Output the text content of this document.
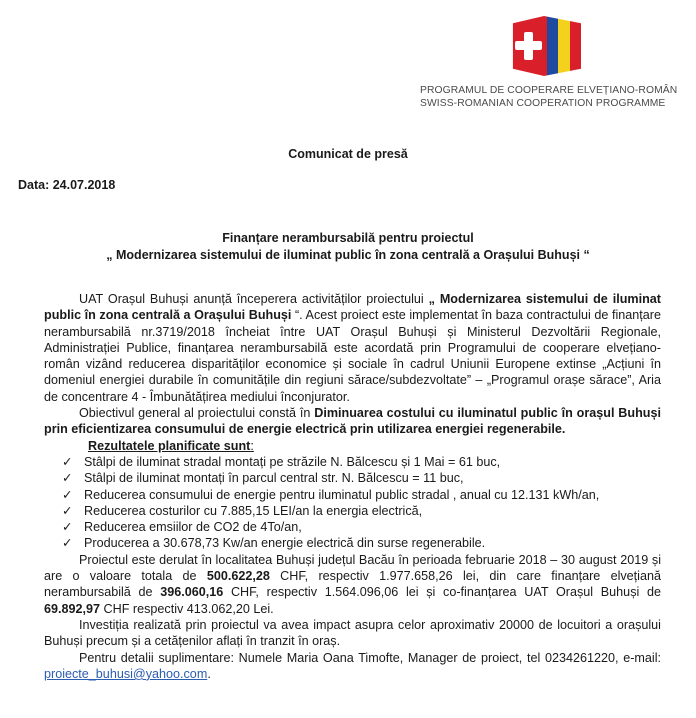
PROGRAMUL DE COOPERARE ELVEȚIANO-ROMÂN
SWISS-ROMANIAN COOPERATION PROGRAMME
Comunicat de presă
Data: 24.07.2018
Finanțare nerambursabilă pentru proiectul
„ Modernizarea sistemului de iluminat public în zona centrală a Orașului Buhuși “

UAT Orașul Buhuși anunță începerera activităților proiectului „ Modernizarea sistemului de iluminat public în zona centrală a Orașului Buhuși “. Acest proiect este implementat în baza contractului de finanțare nerambursabilă nr.3719/2018 încheiat între UAT Orașul Buhuși și Ministerul Dezvoltării Regionale, Administrației Publice, finanțarea nerambursabilă este acordată prin Programului de cooperare elvețiano-român vizând reducerea disparităților economice și sociale în cadrul Uniunii Europene extinse „Acțiuni în domeniul energiei durabile în comunitățile din regiuni sărace/subdezvoltate” – „Programul orașe sărace”, Aria de concentrare 4 - Îmbunătățirea mediului înconjurator.

Obiectivul general al proiectului constă în Diminuarea costului cu iluminatul public în orașul Buhuși prin eficientizarea consumului de energie electrică prin utilizarea energiei regenerabile.

Rezultatele planificate sunt:
✓ Stâlpi de iluminat stradal montați pe străzile N. Bălcescu și 1 Mai = 61 buc,
✓ Stâlpi de iluminat montați în parcul central str. N. Bălcescu = 11 buc,
✓ Reducerea consumului de energie pentru iluminatul public stradal , anual cu 12.131 kWh/an,
✓ Reducerea costurilor cu 7.885,15 LEI/an la energia electrică,
✓ Reducerea emsiilor de CO2 de 4To/an,
✓ Producerea a 30.678,73 Kw/an energie electrică din surse regenerabile.

Proiectul este derulat în localitatea Buhuși județul Bacău în perioada februarie 2018 – 30 august 2019 și are o valoare totala de 500.622,28 CHF, respectiv 1.977.658,26 lei, din care finanțare elvețiană nerambursabilă de 396.060,16 CHF, respectiv 1.564.096,06 lei și co-finanțarea UAT Orașul Buhuși de 69.892,97 CHF respectiv 413.062,20 Lei.

Investiția realizată prin proiectul va avea impact asupra celor aproximativ 20000 de locuitori a orașului Buhuși precum și a cetățenilor aflați în tranzit în oraș.

Pentru detalii suplimentare: Numele Maria Oana Timofte, Manager de proiect, tel 0234261220, e-mail: proiecte_buhusi@yahoo.com.
